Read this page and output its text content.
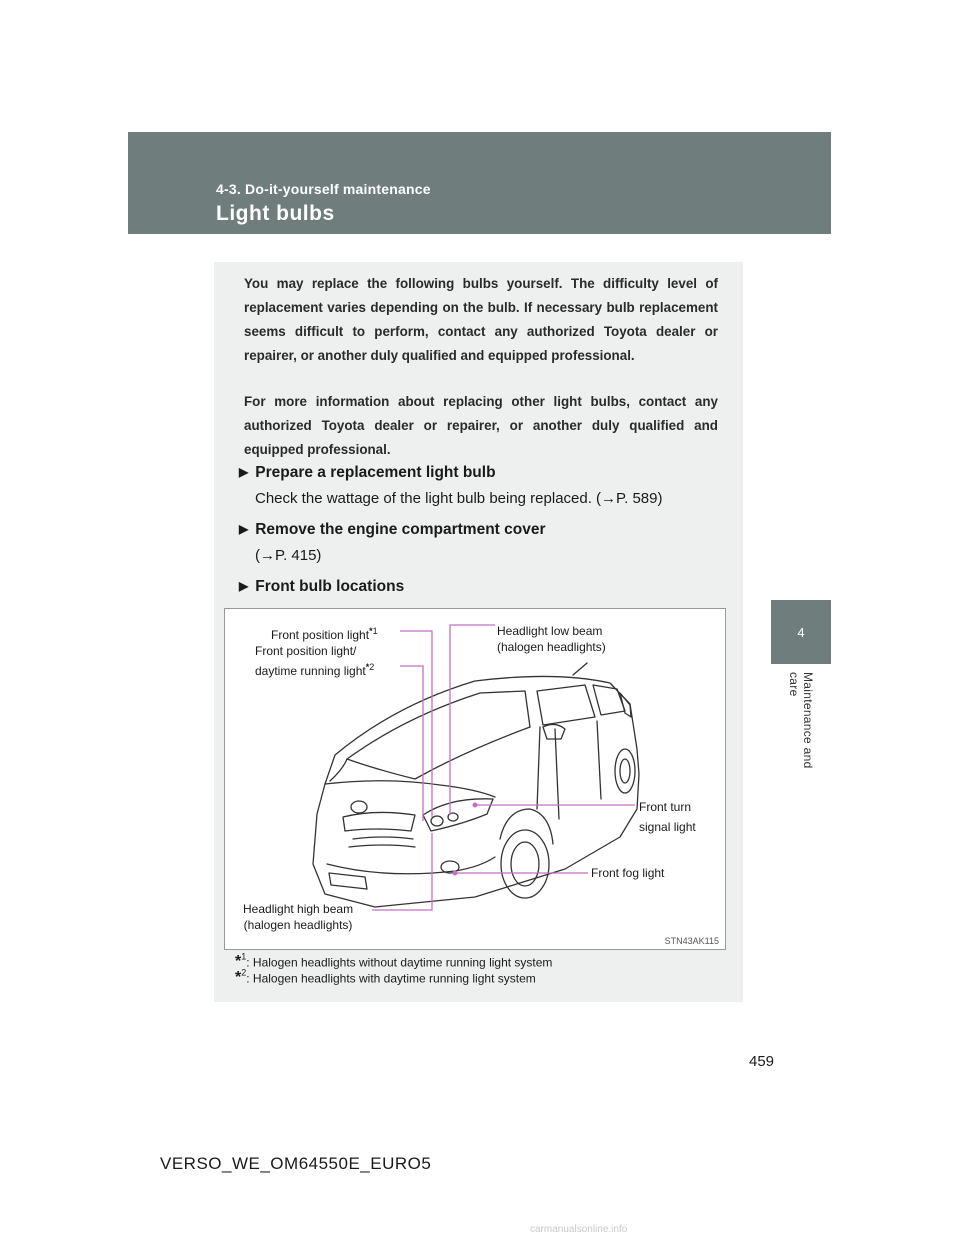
4-3. Do-it-yourself maintenance
Light bulbs
4
Maintenance and care

You may replace the following bulbs yourself. The difficulty level of replacement varies depending on the bulb. If necessary bulb replacement seems difficult to perform, contact any authorized Toyota dealer or repairer, or another duly qualified and equipped professional.

For more information about replacing other light bulbs, contact any authorized Toyota dealer or repairer, or another duly qualified and equipped professional.

▶ Prepare a replacement light bulb
Check the wattage of the light bulb being replaced. (→P. 589)
▶ Remove the engine compartment cover
(→P. 415)
▶ Front bulb locations
Front position light$^{*1}$
Front position light/
daytime running light$^{*2}$
Headlight low beam
(halogen headlights)
Front turn
signal light
Front fog light
Headlight high beam
(halogen headlights)
STN43AK115
*$^1$: Halogen headlights without daytime running light system
*$^2$: Halogen headlights with daytime running light system
459
VERSO_WE_OM64550E_EURO5
carmanualsonline.info
